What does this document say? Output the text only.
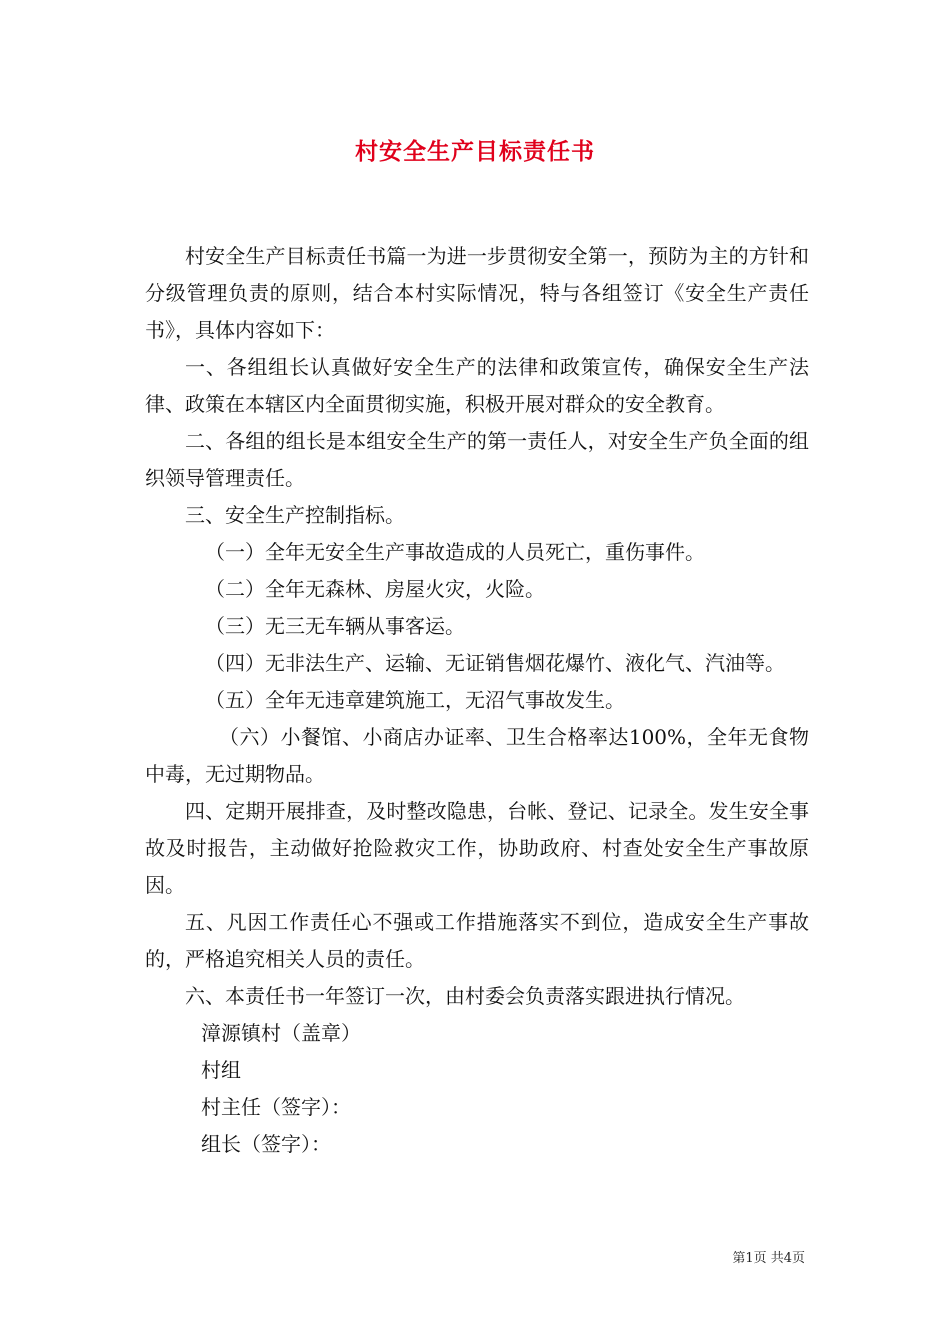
村安全生产目标责任书

村安全生产目标责任书篇一为进一步贯彻安全第一，预防为主的方针和分级管理负责的原则，结合本村实际情况，特与各组签订《安全生产责任书》，具体内容如下：

一、各组组长认真做好安全生产的法律和政策宣传，确保安全生产法律、政策在本辖区内全面贯彻实施，积极开展对群众的安全教育。

二、各组的组长是本组安全生产的第一责任人，对安全生产负全面的组织领导管理责任。

三、安全生产控制指标。

（一）全年无安全生产事故造成的人员死亡，重伤事件。

（二）全年无森林、房屋火灾，火险。

（三）无三无车辆从事客运。

（四）无非法生产、运输、无证销售烟花爆竹、液化气、汽油等。

（五）全年无违章建筑施工，无沼气事故发生。

（六）小餐馆、小商店办证率、卫生合格率达100%，全年无食物中毒，无过期物品。

四、定期开展排查，及时整改隐患，台帐、登记、记录全。发生安全事故及时报告，主动做好抢险救灾工作，协助政府、村查处安全生产事故原因。

五、凡因工作责任心不强或工作措施落实不到位，造成安全生产事故的，严格追究相关人员的责任。

六、本责任书一年签订一次，由村委会负责落实跟进执行情况。

漳源镇村（盖章）

村组

村主任（签字）：

组长（签字）：

第1页 共4页
